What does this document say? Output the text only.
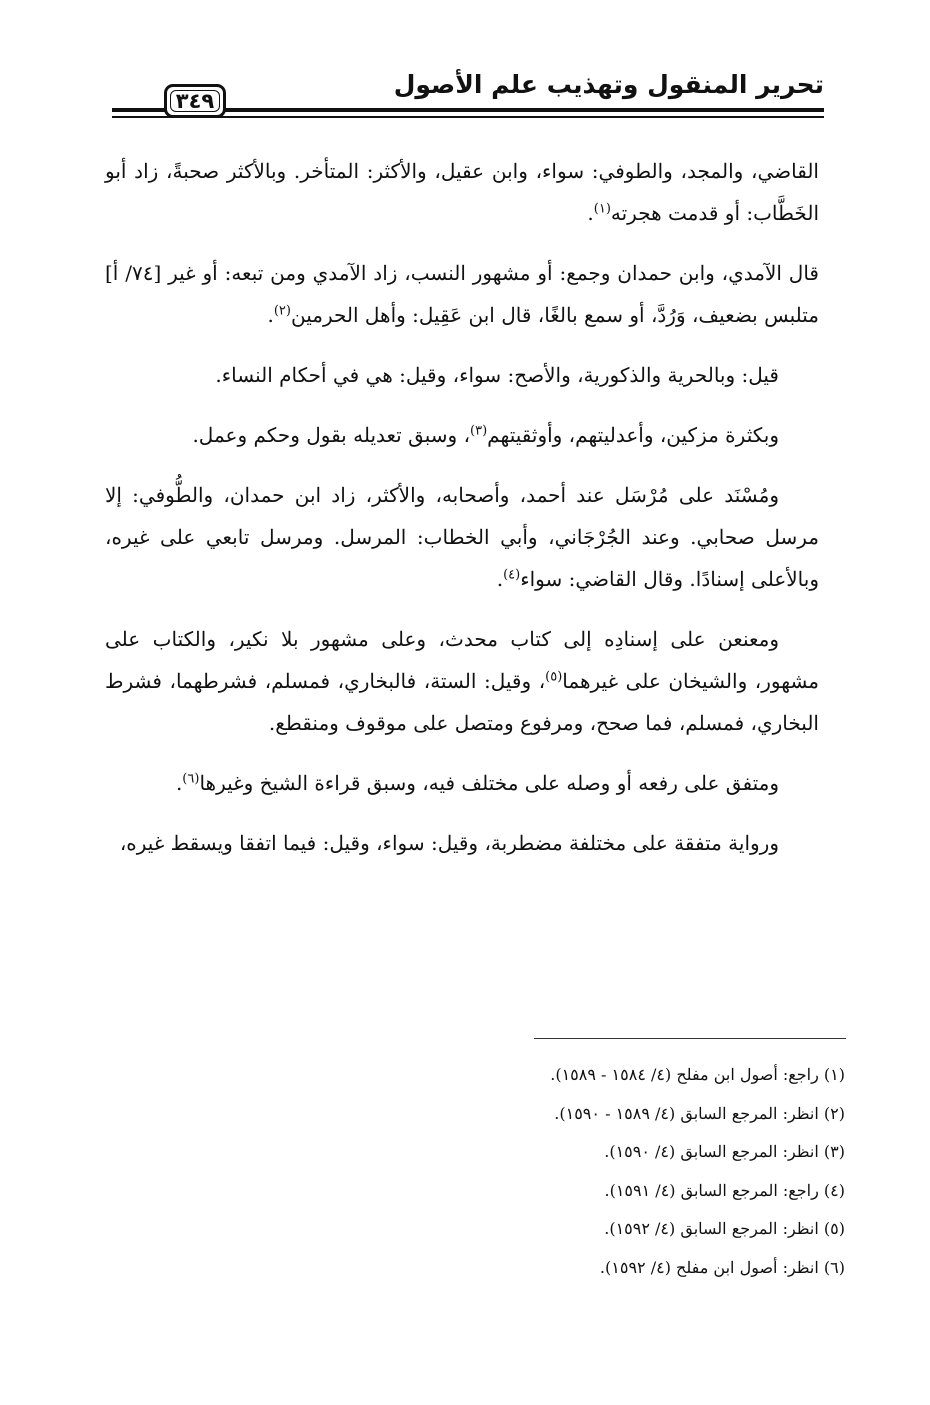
تحرير المنقول وتهذيب علم الأصول
٣٤٩

القاضي، والمجد، والطوفي: سواء، وابن عقيل، والأكثر: المتأخر. وبالأكثر صحبةً، زاد أبو الخَطَّاب: أو قدمت هجرته$^{(١)}$.

قال الآمدي، وابن حمدان وجمع: أو مشهور النسب، زاد الآمدي ومن تبعه: أو غير [٧٤/ أ] متلبس بضعيف، وَرُدَّ، أو سمع بالغًا، قال ابن عَقِيل: وأهل الحرمين$^{(٢)}$.

قيل: وبالحرية والذكورية، والأصح: سواء، وقيل: هي في أحكام النساء.

وبكثرة مزكين، وأعدليتهم، وأوثقيتهم$^{(٣)}$، وسبق تعديله بقول وحكم وعمل.

ومُسْنَد على مُرْسَل عند أحمد، وأصحابه، والأكثر، زاد ابن حمدان، والطُّوفي: إلا مرسل صحابي. وعند الجُرْجَاني، وأبي الخطاب: المرسل. ومرسل تابعي على غيره، وبالأعلى إسنادًا. وقال القاضي: سواء$^{(٤)}$.

ومعنعن على إسنادِه إلى كتاب محدث، وعلى مشهور بلا نكير، والكتاب على مشهور، والشيخان على غيرهما$^{(٥)}$، وقيل: الستة، فالبخاري، فمسلم، فشرطهما، فشرط البخاري، فمسلم، فما صحح، ومرفوع ومتصل على موقوف ومنقطع.

ومتفق على رفعه أو وصله على مختلف فيه، وسبق قراءة الشيخ وغيرها$^{(٦)}$.

ورواية متفقة على مختلفة مضطربة، وقيل: سواء، وقيل: فيما اتفقا ويسقط غيره،

(١) راجع: أصول ابن مفلح (٤/ ١٥٨٤ - ١٥٨٩).

(٢) انظر: المرجع السابق (٤/ ١٥٨٩ - ١٥٩٠).

(٣) انظر: المرجع السابق (٤/ ١٥٩٠).

(٤) راجع: المرجع السابق (٤/ ١٥٩١).

(٥) انظر: المرجع السابق (٤/ ١٥٩٢).

(٦) انظر: أصول ابن مفلح (٤/ ١٥٩٢).
